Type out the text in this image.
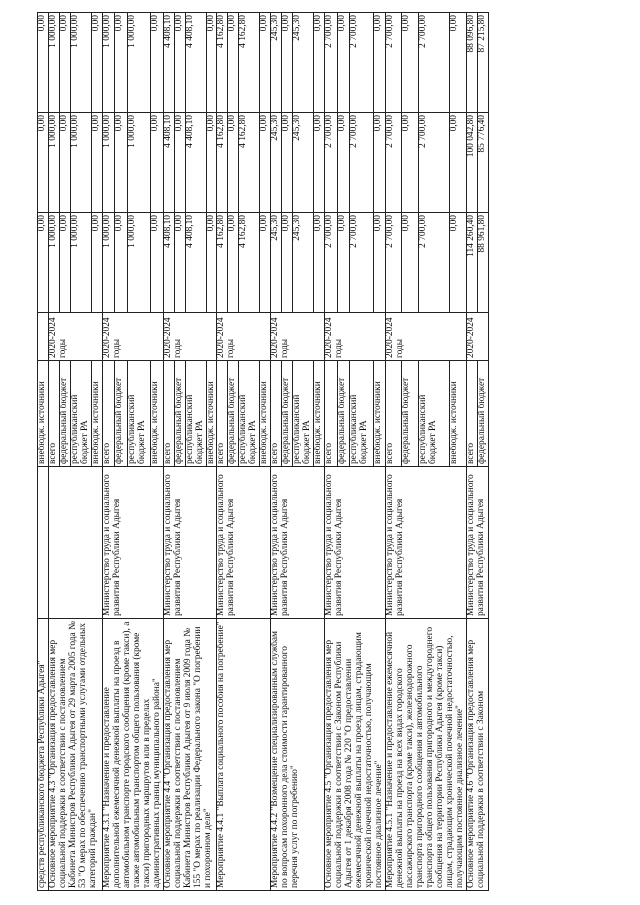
средств республиканского бюджета Республики Адыгея"		внебюдж. источники		0,00	0,00	0,00
Основное мероприятие 4.3 "Организация предоставления мер социальной поддержки в соответствии с постановлением Кабинета Министров Республики Адыгея от 29 марта 2005 года № 53 "О мерах по обеспечению транспортными услугами отдельных категорий граждан"		всего	2020-2024 годы	1 000,00	1 000,00	1 000,00
		федеральный бюджет		0,00	0,00	0,00
		республиканский бюджет РА		1 000,00	1 000,00	1 000,00
		внебюдж. источники		0,00	0,00	0,00
Мероприятие 4.3.1 "Назначение и предоставление дополнительной ежемесячной денежной выплаты на проезд в автомобильном транспорте городского сообщения (кроме такси), а также автомобильным транспортом общего пользования (кроме такси) пригородных маршрутов или в пределах административных границ муниципального района"	Министерство труда и социального развития Республики Адыгея	всего	2020-2024 годы	1 000,00	1 000,00	1 000,00
		федеральный бюджет		0,00	0,00	0,00
		республиканский бюджет РА		1 000,00	1 000,00	1 000,00
		внебюдж. источники		0,00	0,00	0,00
Основное мероприятие 4.4 "Организация предоставления мер социальной поддержки в соответствии с постановлением Кабинета Министров Республики Адыгея от 9 июля 2009 года № 155 "О мерах по реализации Федерального закона "О погребении и похоронном деле"	Министерство труда и социального развития Республики Адыгея	всего	2020-2024 годы	4 408,10	4 408,10	4 408,10
		федеральный бюджет		0,00	0,00	0,00
		республиканский бюджет РА		4 408,10	4 408,10	4 408,10
		внебюдж. источники		0,00	0,00	0,00
Мероприятие 4.4.1 "Выплата социального пособия на погребение"	Министерство труда и социального развития Республики Адыгея	всего	2020-2024 годы	4 162,80	4 162,80	4 162,80
		федеральный бюджет		0,00	0,00	0,00
		республиканский бюджет РА		4 162,80	4 162,80	4 162,80
		внебюдж. источники		0,00	0,00	0,00
Мероприятие 4.4.2 "Возмещение специализированным службам по вопросам похоронного дела стоимости гарантированного перечня услуг по погребению"	Министерство труда и социального развития Республики Адыгея	всего	2020-2024 годы	245,30	245,30	245,30
		федеральный бюджет		0,00	0,00	0,00
		республиканский бюджет РА		245,30	245,30	245,30
		внебюдж. источники		0,00	0,00	0,00
Основное мероприятие 4.5 "Организация предоставления мер социальной поддержки в соответствии с Законом Республики Адыгея от 1 декабря 2008 года № 220 "О предоставлении ежемесячной денежной выплаты на проезд лицам, страдающим хронической почечной недостаточностью, получающим постоянное диализное лечение"	Министерство труда и социального развития Республики Адыгея	всего	2020-2024 годы	2 700,00	2 700,00	2 700,00
		федеральный бюджет		0,00	0,00	0,00
		республиканский бюджет РА		2 700,00	2 700,00	2 700,00
		внебюдж. источники		0,00	0,00	0,00
Мероприятие 4.5.1 "Назначение и предоставление ежемесячной денежной выплаты на проезд на всех видах городского пассажирского транспорта (кроме такси), железнодорожного транспорта пригородного сообщения и автомобильного транспорта общего пользования пригородного и междугороднего сообщения на территории Республики Адыгея (кроме такси) лицам, страдающим хронической почечной недостаточностью, получающим постоянное диализное лечение"	Министерство труда и социального развития Республики Адыгея	всего	2020-2024 годы	2 700,00	2 700,00	2 700,00
		федеральный бюджет		0,00	0,00	0,00
		республиканский бюджет РА		2 700,00	2 700,00	2 700,00
		внебюдж. источники		0,00	0,00	0,00
Основное мероприятие 4.6 "Организация предоставления мер социальной поддержки в соответствии с Законом	Министерство труда и социального развития Республики Адыгея	всего	2020-2024	114 260,40	100 042,80	88 096,80
		федеральный бюджет		88 961,80	85 776,40	87 215,80
